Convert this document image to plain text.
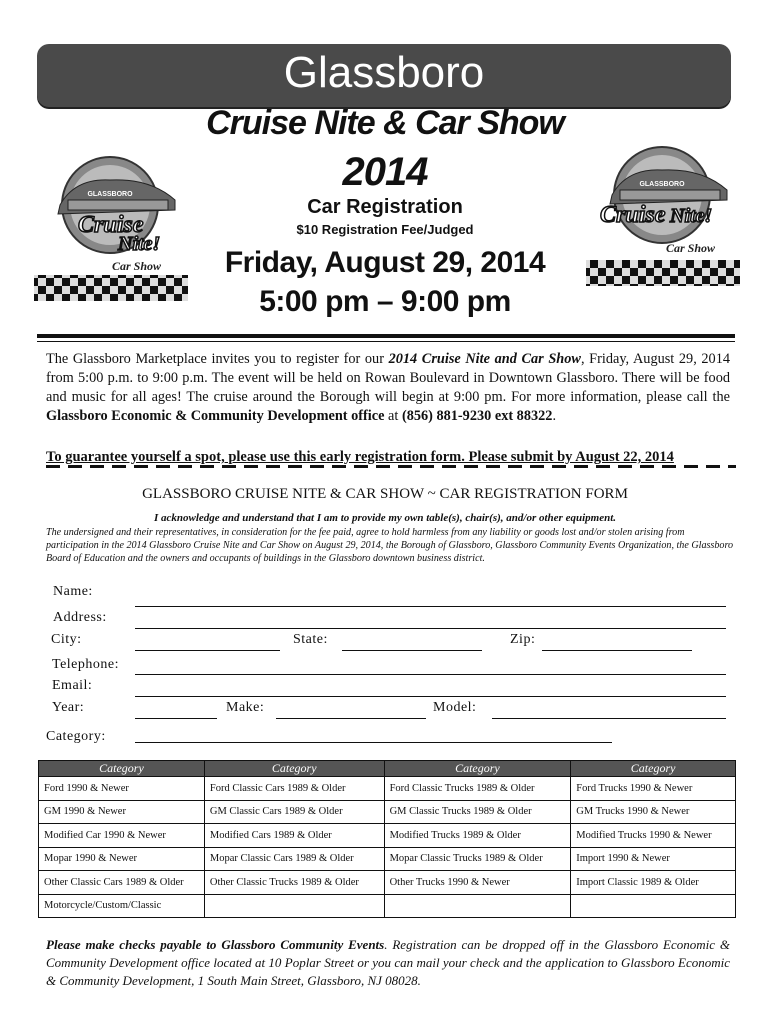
Glassboro
Cruise Nite & Car Show
2014
Car Registration
$10 Registration Fee/Judged
Friday, August 29, 2014
5:00 pm – 9:00 pm
GLASSBORO
Cruise
Nite!
Car Show
GLASSBORO
Cruise Nite!
Car Show
The Glassboro Marketplace invites you to register for our 2014 Cruise Nite and Car Show, Friday, August 29, 2014 from 5:00 p.m. to 9:00 p.m. The event will be held on Rowan Boulevard in Downtown Glassboro. There will be food and music for all ages! The cruise around the Borough will begin at 9:00 pm. For more information, please call the Glassboro Economic & Community Development office at (856) 881-9230 ext 88322.
To guarantee yourself a spot, please use this early registration form. Please submit by August 22, 2014
GLASSBORO CRUISE NITE & CAR SHOW ~ CAR REGISTRATION FORM
I acknowledge and understand that I am to provide my own table(s), chair(s), and/or other equipment.
The undersigned and their representatives, in consideration for the fee paid, agree to hold harmless from any liability or goods lost and/or stolen arising from participation in the 2014 Glassboro Cruise Nite and Car Show on August 29, 2014, the Borough of Glassboro, Glassboro Community Events Organization, the Glassboro Board of Education and the owners and occupants of buildings in the Glassboro downtown business district.
Name:
Address:
City:	State:	Zip:
Telephone:
Email:
Year:	Make:	Model:
Category:
Category	Category	Category	Category
Ford 1990 & Newer	Ford Classic Cars 1989 & Older	Ford Classic Trucks 1989 & Older	Ford Trucks 1990 & Newer
GM 1990 & Newer	GM Classic Cars 1989 & Older	GM Classic Trucks 1989 & Older	GM Trucks 1990 & Newer
Modified Car 1990 & Newer	Modified Cars 1989 & Older	Modified Trucks 1989 & Older	Modified Trucks 1990 & Newer
Mopar 1990 & Newer	Mopar Classic Cars 1989 & Older	Mopar Classic Trucks 1989 & Older	Import 1990 & Newer
Other Classic Cars 1989 & Older	Other Classic Trucks 1989 & Older	Other Trucks 1990 & Newer	Import Classic 1989 & Older
Motorcycle/Custom/Classic			
Please make checks payable to Glassboro Community Events. Registration can be dropped off in the Glassboro Economic & Community Development office located at 10 Poplar Street or you can mail your check and the application to Glassboro Economic & Community Development, 1 South Main Street, Glassboro, NJ 08028.
